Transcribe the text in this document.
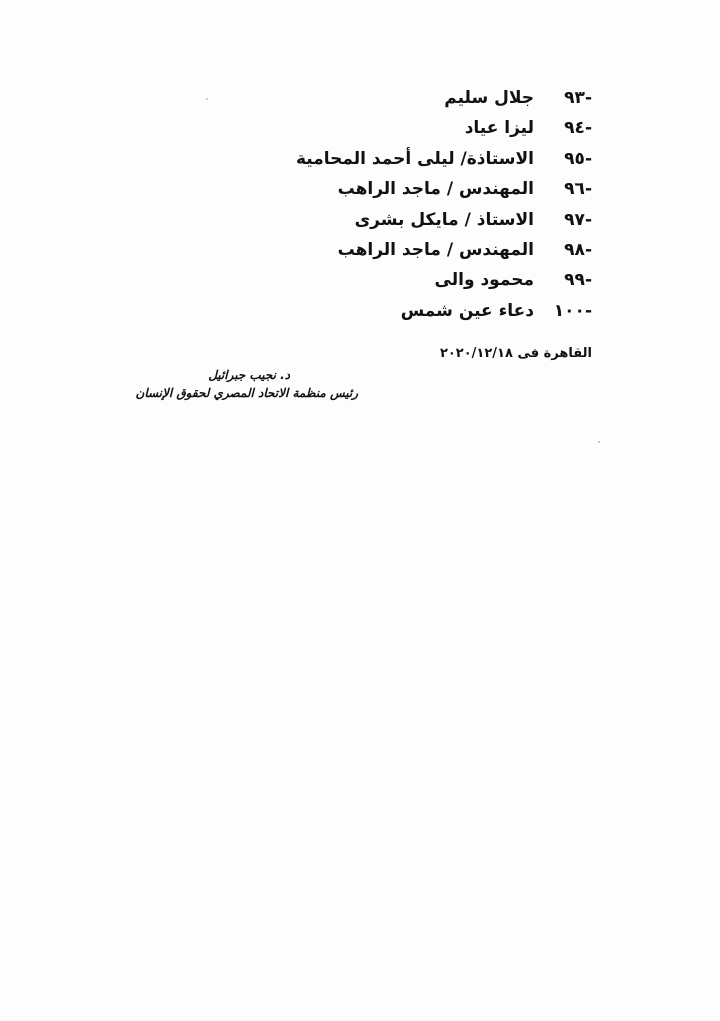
-٩٣
جلال سليم
-٩٤
ليزا عياد
-٩٥
الاستاذة/ ليلى أحمد المحامية
-٩٦
المهندس / ماجد الراهب
-٩٧
الاستاذ / مايكل بشرى
-٩٨
المهندس / ماجد الراهب
-٩٩
محمود والى
-١٠٠
دعاء عين شمس
القاهرة فى ٢٠٢٠/١٢/١٨
د. نجيب جبرائيل
رئيس منظمة الاتحاد المصري لحقوق الإنسان
